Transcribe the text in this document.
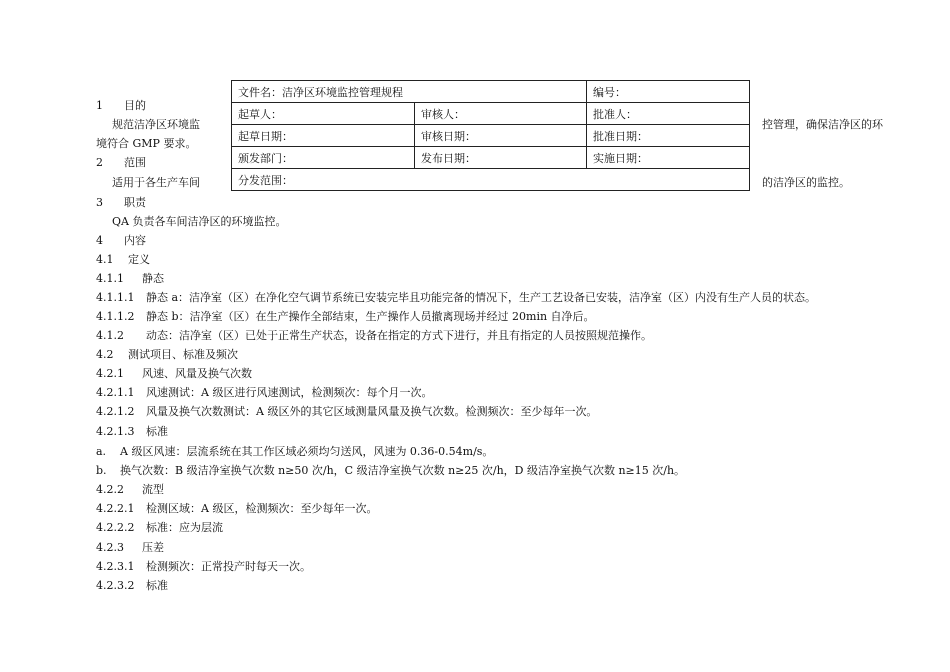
1 目的
规范洁净区环境监
境符合 GMP 要求。
2 范围
适用于各生产车间
3 职责
QA 负责各车间洁净区的环境监控。
4 内容
4.1 定义
4.1.1 静态
4.1.1.1 静态 a：洁净室（区）在净化空气调节系统已安装完毕且功能完备的情况下，生产工艺设备已安装，洁净室（区）内没有生产人员的状态。
4.1.1.2 静态 b：洁净室（区）在生产操作全部结束，生产操作人员撤离现场并经过 20min 自净后。
4.1.2 动态：洁净室（区）已处于正常生产状态，设备在指定的方式下进行，并且有指定的人员按照规范操作。
4.2 测试项目、标准及频次
4.2.1 风速、风量及换气次数
4.2.1.1 风速测试：A 级区进行风速测试，检测频次：每个月一次。
4.2.1.2 风量及换气次数测试：A 级区外的其它区域测量风量及换气次数。检测频次：至少每年一次。
4.2.1.3 标准
a. A 级区风速：层流系统在其工作区域必须均匀送风，风速为 0.36-0.54m/s。
b. 换气次数：B 级洁净室换气次数 n≥50 次/h，C 级洁净室换气次数 n≥25 次/h，D 级洁净室换气次数 n≥15 次/h。
4.2.2 流型
4.2.2.1 检测区域：A 级区，检测频次：至少每年一次。
4.2.2.2 标准：应为层流
4.2.3 压差
4.2.3.1 检测频次：正常投产时每天一次。
4.2.3.2 标准
控管理，确保洁净区的环
的洁净区的监控。
文件名：洁净区环境监控管理规程		编号：
起草人：	审核人：	批准人：
起草日期：	审核日期：	批准日期：
颁发部门：	发布日期：	实施日期：
分发范围：		
